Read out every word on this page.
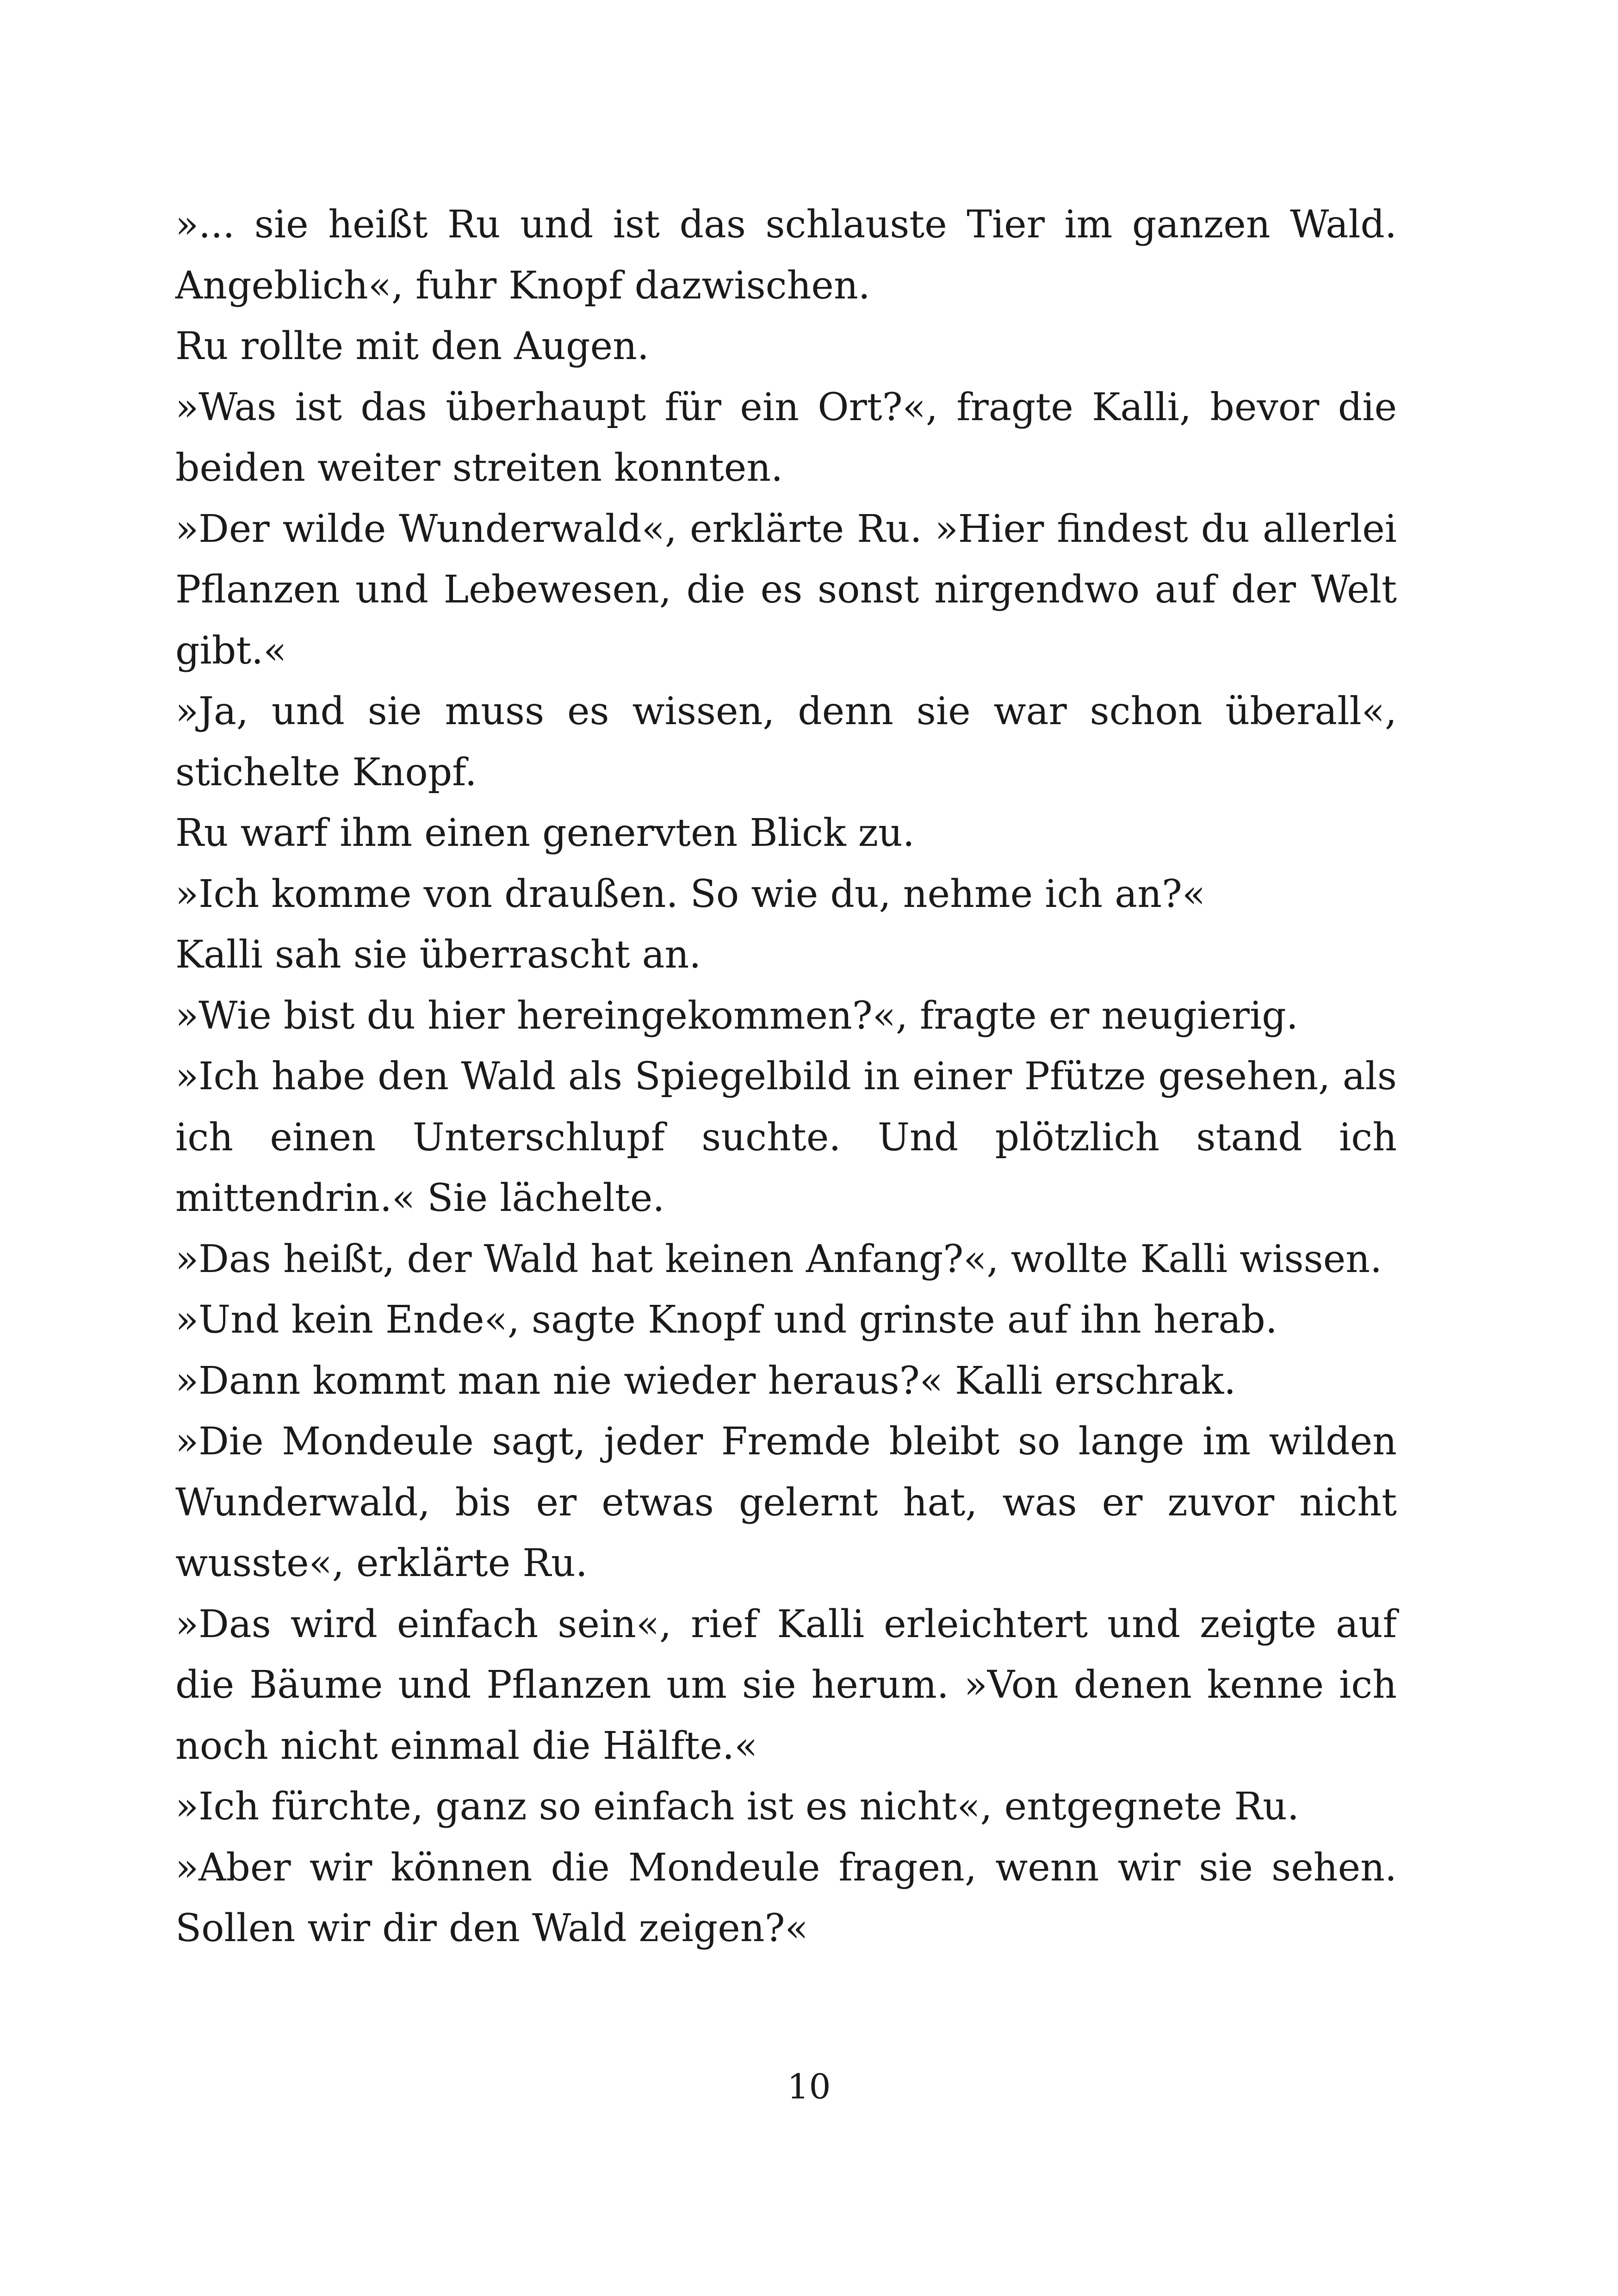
»... sie heißt Ru und ist das schlauste Tier im ganzen Wald. Angeblich«, fuhr Knopf dazwischen.

Ru rollte mit den Augen.

»Was ist das überhaupt für ein Ort?«, fragte Kalli, bevor die beiden weiter streiten konnten.

»Der wilde Wunderwald«, erklärte Ru. »Hier findest du allerlei Pflanzen und Lebewesen, die es sonst nirgendwo auf der Welt gibt.«

»Ja, und sie muss es wissen, denn sie war schon überall«, stichelte Knopf.

Ru warf ihm einen genervten Blick zu.

»Ich komme von draußen. So wie du, nehme ich an?«

Kalli sah sie überrascht an.

»Wie bist du hier hereingekommen?«, fragte er neugierig.

»Ich habe den Wald als Spiegelbild in einer Pfütze gesehen, als ich einen Unterschlupf suchte. Und plötzlich stand ich mittendrin.« Sie lächelte.

»Das heißt, der Wald hat keinen Anfang?«, wollte Kalli wissen.

»Und kein Ende«, sagte Knopf und grinste auf ihn herab.

»Dann kommt man nie wieder heraus?« Kalli erschrak.

»Die Mondeule sagt, jeder Fremde bleibt so lange im wilden Wunderwald, bis er etwas gelernt hat, was er zuvor nicht wusste«, erklärte Ru.

»Das wird einfach sein«, rief Kalli erleichtert und zeigte auf die Bäume und Pflanzen um sie herum. »Von denen kenne ich noch nicht einmal die Hälfte.«

»Ich fürchte, ganz so einfach ist es nicht«, entgegnete Ru.

»Aber wir können die Mondeule fragen, wenn wir sie sehen. Sollen wir dir den Wald zeigen?«

10
